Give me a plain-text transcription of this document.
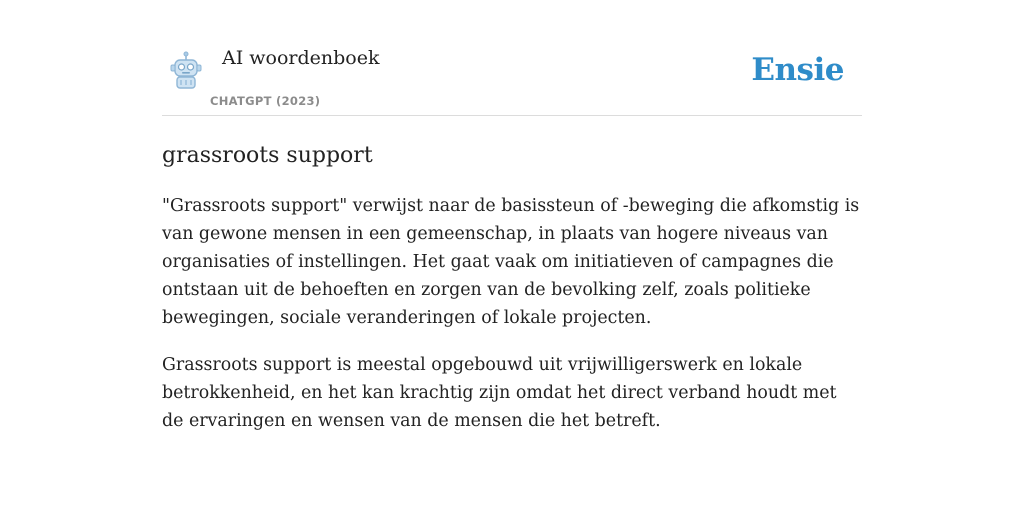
AI woordenboek
CHATGPT (2023)
Ensie
grassroots support

"Grassroots support" verwijst naar de basissteun of -beweging die afkomstig is van gewone mensen in een gemeenschap, in plaats van hogere niveaus van organisaties of instellingen. Het gaat vaak om initiatieven of campagnes die ontstaan uit de behoeften en zorgen van de bevolking zelf, zoals politieke bewegingen, sociale veranderingen of lokale projecten.

Grassroots support is meestal opgebouwd uit vrijwilligerswerk en lokale betrokkenheid, en het kan krachtig zijn omdat het direct verband houdt met de ervaringen en wensen van de mensen die het betreft.
